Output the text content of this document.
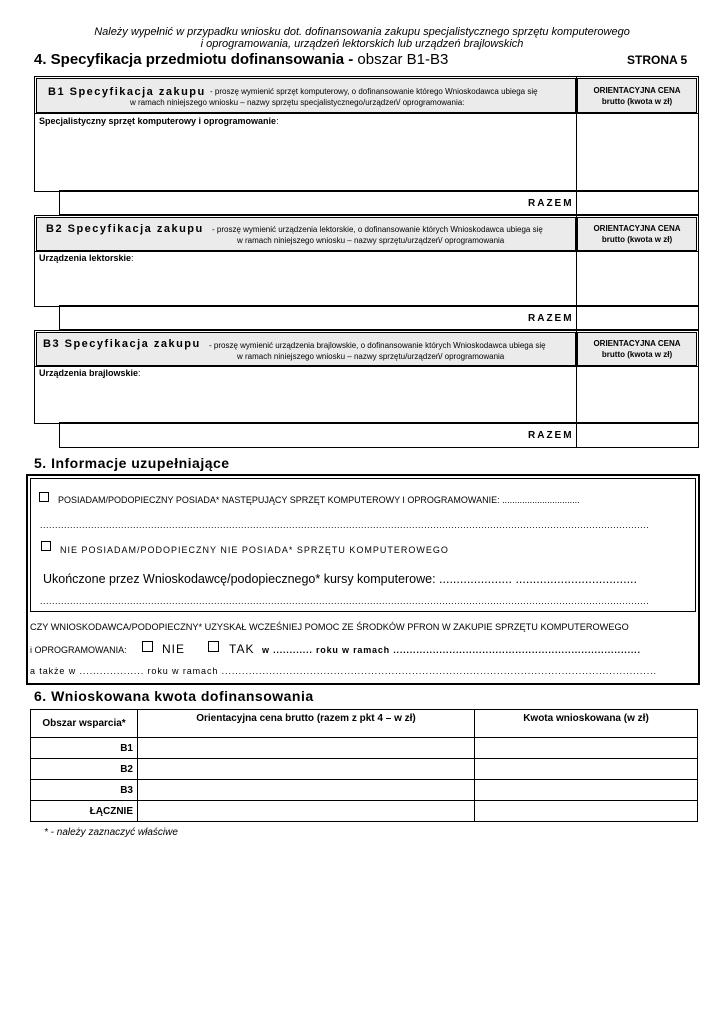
Należy wypełnić w przypadku wniosku dot. dofinansowania zakupu specjalistycznego sprzętu komputerowego
i oprogramowania, urządzeń lektorskich lub urządzeń brajlowskich
4. Specyfikacja przedmiotu dofinansowania - obszar B1-B3	STRONA 5
B1 Specyfikacja zakupu - proszę wymienić sprzęt komputerowy, o dofinansowanie którego Wnioskodawca ubiega się
w ramach niniejszego wniosku – nazwy sprzętu specjalistycznego/urządzeń/ oprogramowania:
ORIENTACYJNA CENA
brutto (kwota w zł)
Specjalistyczny sprzęt komputerowy i oprogramowanie:
RAZEM
B2 Specyfikacja zakupu - proszę wymienić urządzenia lektorskie, o dofinansowanie których Wnioskodawca ubiega się
w ramach niniejszego wniosku – nazwy sprzętu/urządzeń/ oprogramowania
ORIENTACYJNA CENA
brutto (kwota w zł)
Urządzenia lektorskie:
RAZEM
B3 Specyfikacja zakupu - proszę wymienić urządzenia brajlowskie, o dofinansowanie których Wnioskodawca ubiega się
w ramach niniejszego wniosku – nazwy sprzętu/urządzeń/ oprogramowania
ORIENTACYJNA CENA
brutto (kwota w zł)
Urządzenia brajlowskie:
RAZEM
5. Informacje uzupełniające
POSIADAM/PODOPIECZNY POSIADA* NASTĘPUJĄCY SPRZĘT KOMPUTEROWY I OPROGRAMOWANIE: ...............................
...........................................................................................................................................................................................................
NIE POSIADAM/PODOPIECZNY NIE POSIADA* SPRZĘTU KOMPUTEROWEGO
Ukończone przez Wnioskodawcę/podopiecznego* kursy komputerowe: ..................... ...................................
...........................................................................................................................................................................................................
CZY WNIOSKODAWCA/PODOPIECZNY* UZYSKAŁ WCZEŚNIEJ POMOC ZE ŚRODKÓW PFRON W ZAKUPIE SPRZĘTU KOMPUTEROWEGO
i OPROGRAMOWANIA:	NIE	TAK w ............ roku w ramach ...........................................................................
a także w ................... roku w ramach ................................................................................................................................
6. Wnioskowana kwota dofinansowania
Obszar wsparcia*	Orientacyjna cena brutto (razem z pkt 4 – w zł)	Kwota wnioskowana (w zł)
B1		
B2		
B3		
ŁĄCZNIE		
* - należy zaznaczyć właściwe
